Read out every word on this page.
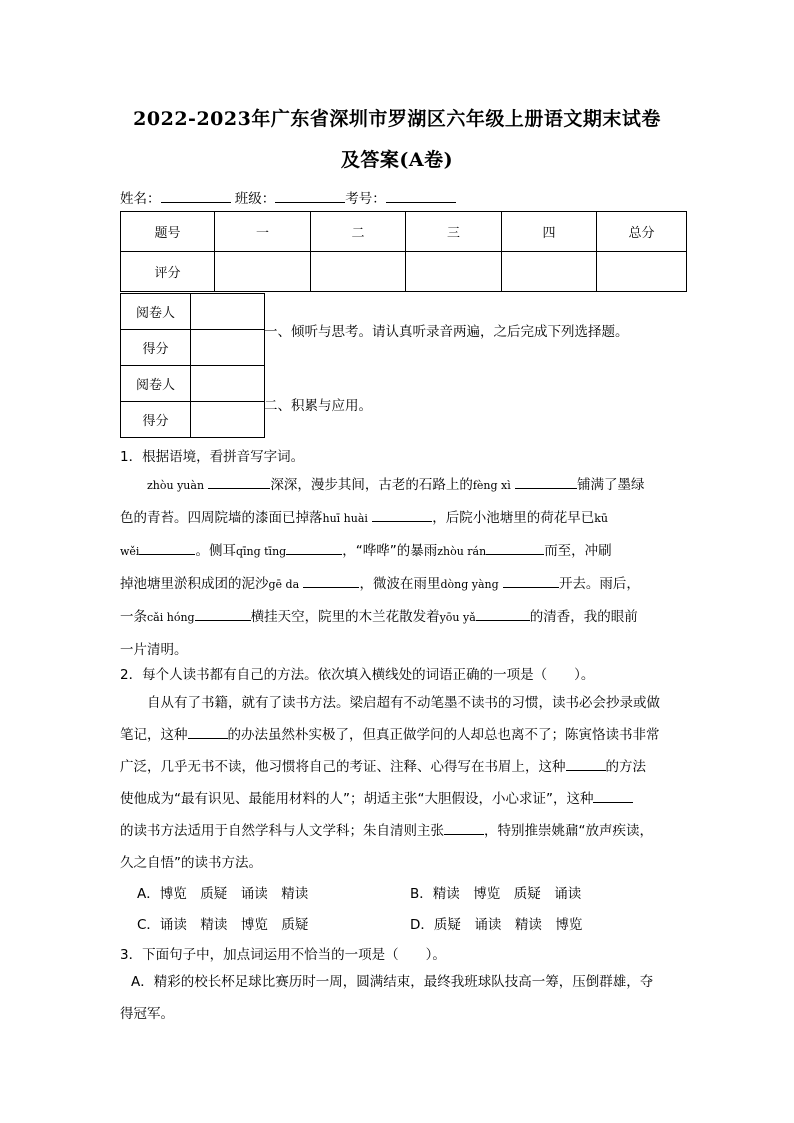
2022-2023年广东省深圳市罗湖区六年级上册语文期末试卷
及答案(A卷)
姓名：	班级：	考号：
题号	一	二	三	四	总分
评分					
阅卷人	
得分	
一、倾听与思考。请认真听录音两遍，之后完成下列选择题。
阅卷人	
得分	
二、积累与应用。
1．根据语境，看拼音写字词。
zhòu yuàn	深深，漫步其间，古老的石路上的fèng xì	铺满了墨绿
色的青苔。四周院墙的漆面已掉落huī huài	，后院小池塘里的荷花早已kū
wěi	。侧耳qīng tīng	，“哗哗”的暴雨zhòu rán	而至，冲刷
掉池塘里淤积成团的泥沙gē da	，微波在雨里dòng yàng	开去。雨后，
一条cǎi hóng	横挂天空，院里的木兰花散发着yōu yǎ	的清香，我的眼前
一片清明。
2．每个人读书都有自己的方法。依次填入横线处的词语正确的一项是（　　）。
自从有了书籍，就有了读书方法。梁启超有不动笔墨不读书的习惯，读书必会抄录或做
笔记，这种	的办法虽然朴实极了，但真正做学问的人却总也离不了；陈寅恪读书非常
广泛，几乎无书不读，他习惯将自己的考证、注释、心得写在书眉上，这种	的方法
使他成为“最有识见、最能用材料的人”；胡适主张“大胆假设，小心求证”，这种
的读书方法适用于自然学科与人文学科；朱自清则主张	，特别推崇姚鼐“放声疾读，
久之自悟”的读书方法。
A．博览　质疑　诵读　精读	B．精读　博览　质疑　诵读
C．诵读　精读　博览　质疑	D．质疑　诵读　精读　博览
3．下面句子中，加点词运用不恰当的一项是（　　）。
A．精彩的校长杯足球比赛历时一周，圆满结束，最终我班球队技高一筹，压倒群雄，夺
得冠军。
